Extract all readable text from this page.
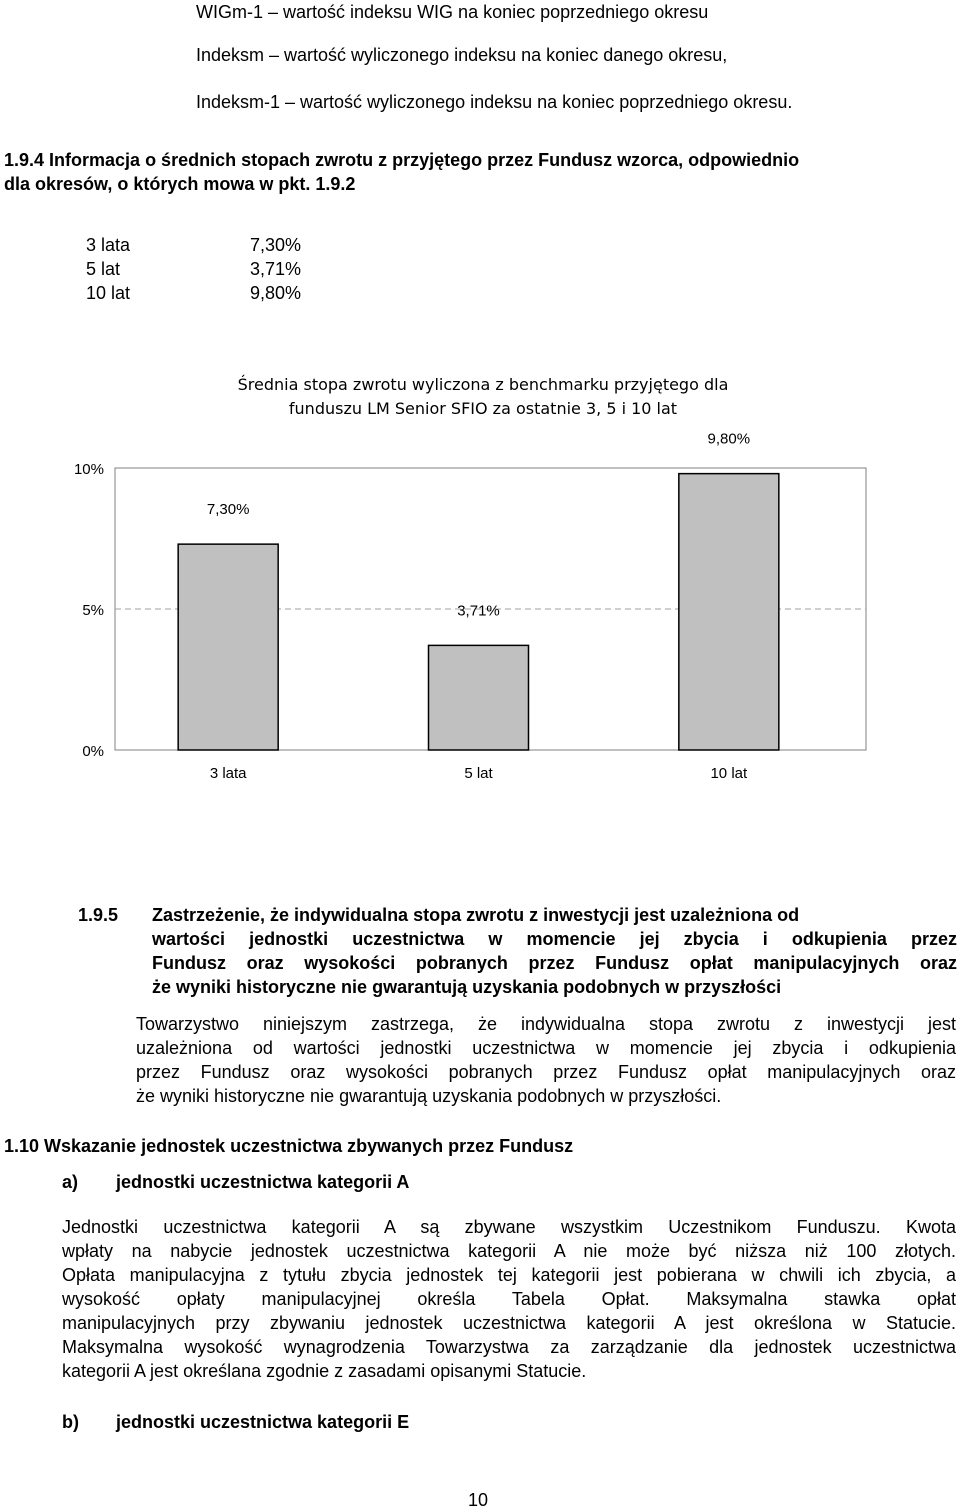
WIGm-1 – wartość indeksu WIG na koniec poprzedniego okresu
Indeksm – wartość wyliczonego indeksu na koniec danego okresu,
Indeksm-1 – wartość wyliczonego indeksu na koniec poprzedniego okresu.
1.9.4 Informacja o średnich stopach zwrotu z przyjętego przez Fundusz wzorca, odpowiednio
dla okresów, o których mowa w pkt. 1.9.2
3 lata	7,30%
5 lat	3,71%
10 lat	9,80%
Średnia stopa zwrotu wyliczona z benchmarku przyjętego dla
funduszu LM Senior SFIO za ostatnie 3, 5 i 10 lat
0%
5%
10%
7,30%
3 lata
3,71%
5 lat
9,80%
10 lat
1.9.5 Zastrzeżenie, że indywidualna stopa zwrotu z inwestycji jest uzależniona od
wartości jednostki uczestnictwa w momencie jej zbycia i odkupienia przez
Fundusz oraz wysokości pobranych przez Fundusz opłat manipulacyjnych oraz
że wyniki historyczne nie gwarantują uzyskania podobnych w przyszłości
Towarzystwo niniejszym zastrzega, że indywidualna stopa zwrotu z inwestycji jest
uzależniona od wartości jednostki uczestnictwa w momencie jej zbycia i odkupienia
przez Fundusz oraz wysokości pobranych przez Fundusz opłat manipulacyjnych oraz
że wyniki historyczne nie gwarantują uzyskania podobnych w przyszłości.
1.10 Wskazanie jednostek uczestnictwa zbywanych przez Fundusz
a) jednostki uczestnictwa kategorii A
Jednostki uczestnictwa kategorii A są zbywane wszystkim Uczestnikom Funduszu. Kwota
wpłaty na nabycie jednostek uczestnictwa kategorii A nie może być niższa niż 100 złotych.
Opłata manipulacyjna z tytułu zbycia jednostek tej kategorii jest pobierana w chwili ich zbycia, a
wysokość opłaty manipulacyjnej określa Tabela Opłat. Maksymalna stawka opłat
manipulacyjnych przy zbywaniu jednostek uczestnictwa kategorii A jest określona w Statucie.
Maksymalna wysokość wynagrodzenia Towarzystwa za zarządzanie dla jednostek uczestnictwa
kategorii A jest określana zgodnie z zasadami opisanymi Statucie.
b) jednostki uczestnictwa kategorii E
10
